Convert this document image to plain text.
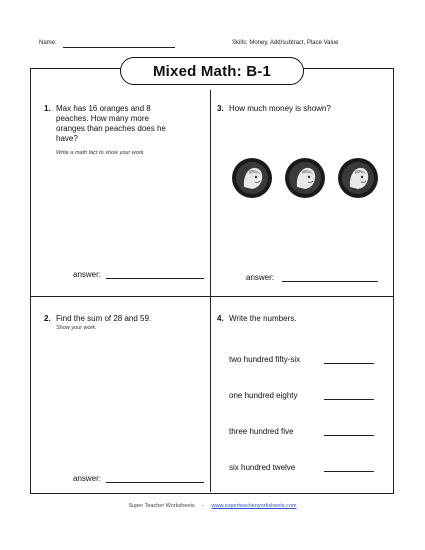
Name:	Skills: Money, Add/subtract, Place Value
Mixed Math: B-1
1. Max has 16 oranges and 8
peaches. How many more
oranges than peaches does he
have?
Write a math fact to show your work.
answer:
2. Find the sum of 28 and 59.
Show your work.
answer:
3. How much money is shown?
answer:
4. Write the numbers.
two hundred fifty-six
one hundred eighty
three hundred five
six hundred twelve
Super Teacher Worksheets - www.superteacherworksheets.com
